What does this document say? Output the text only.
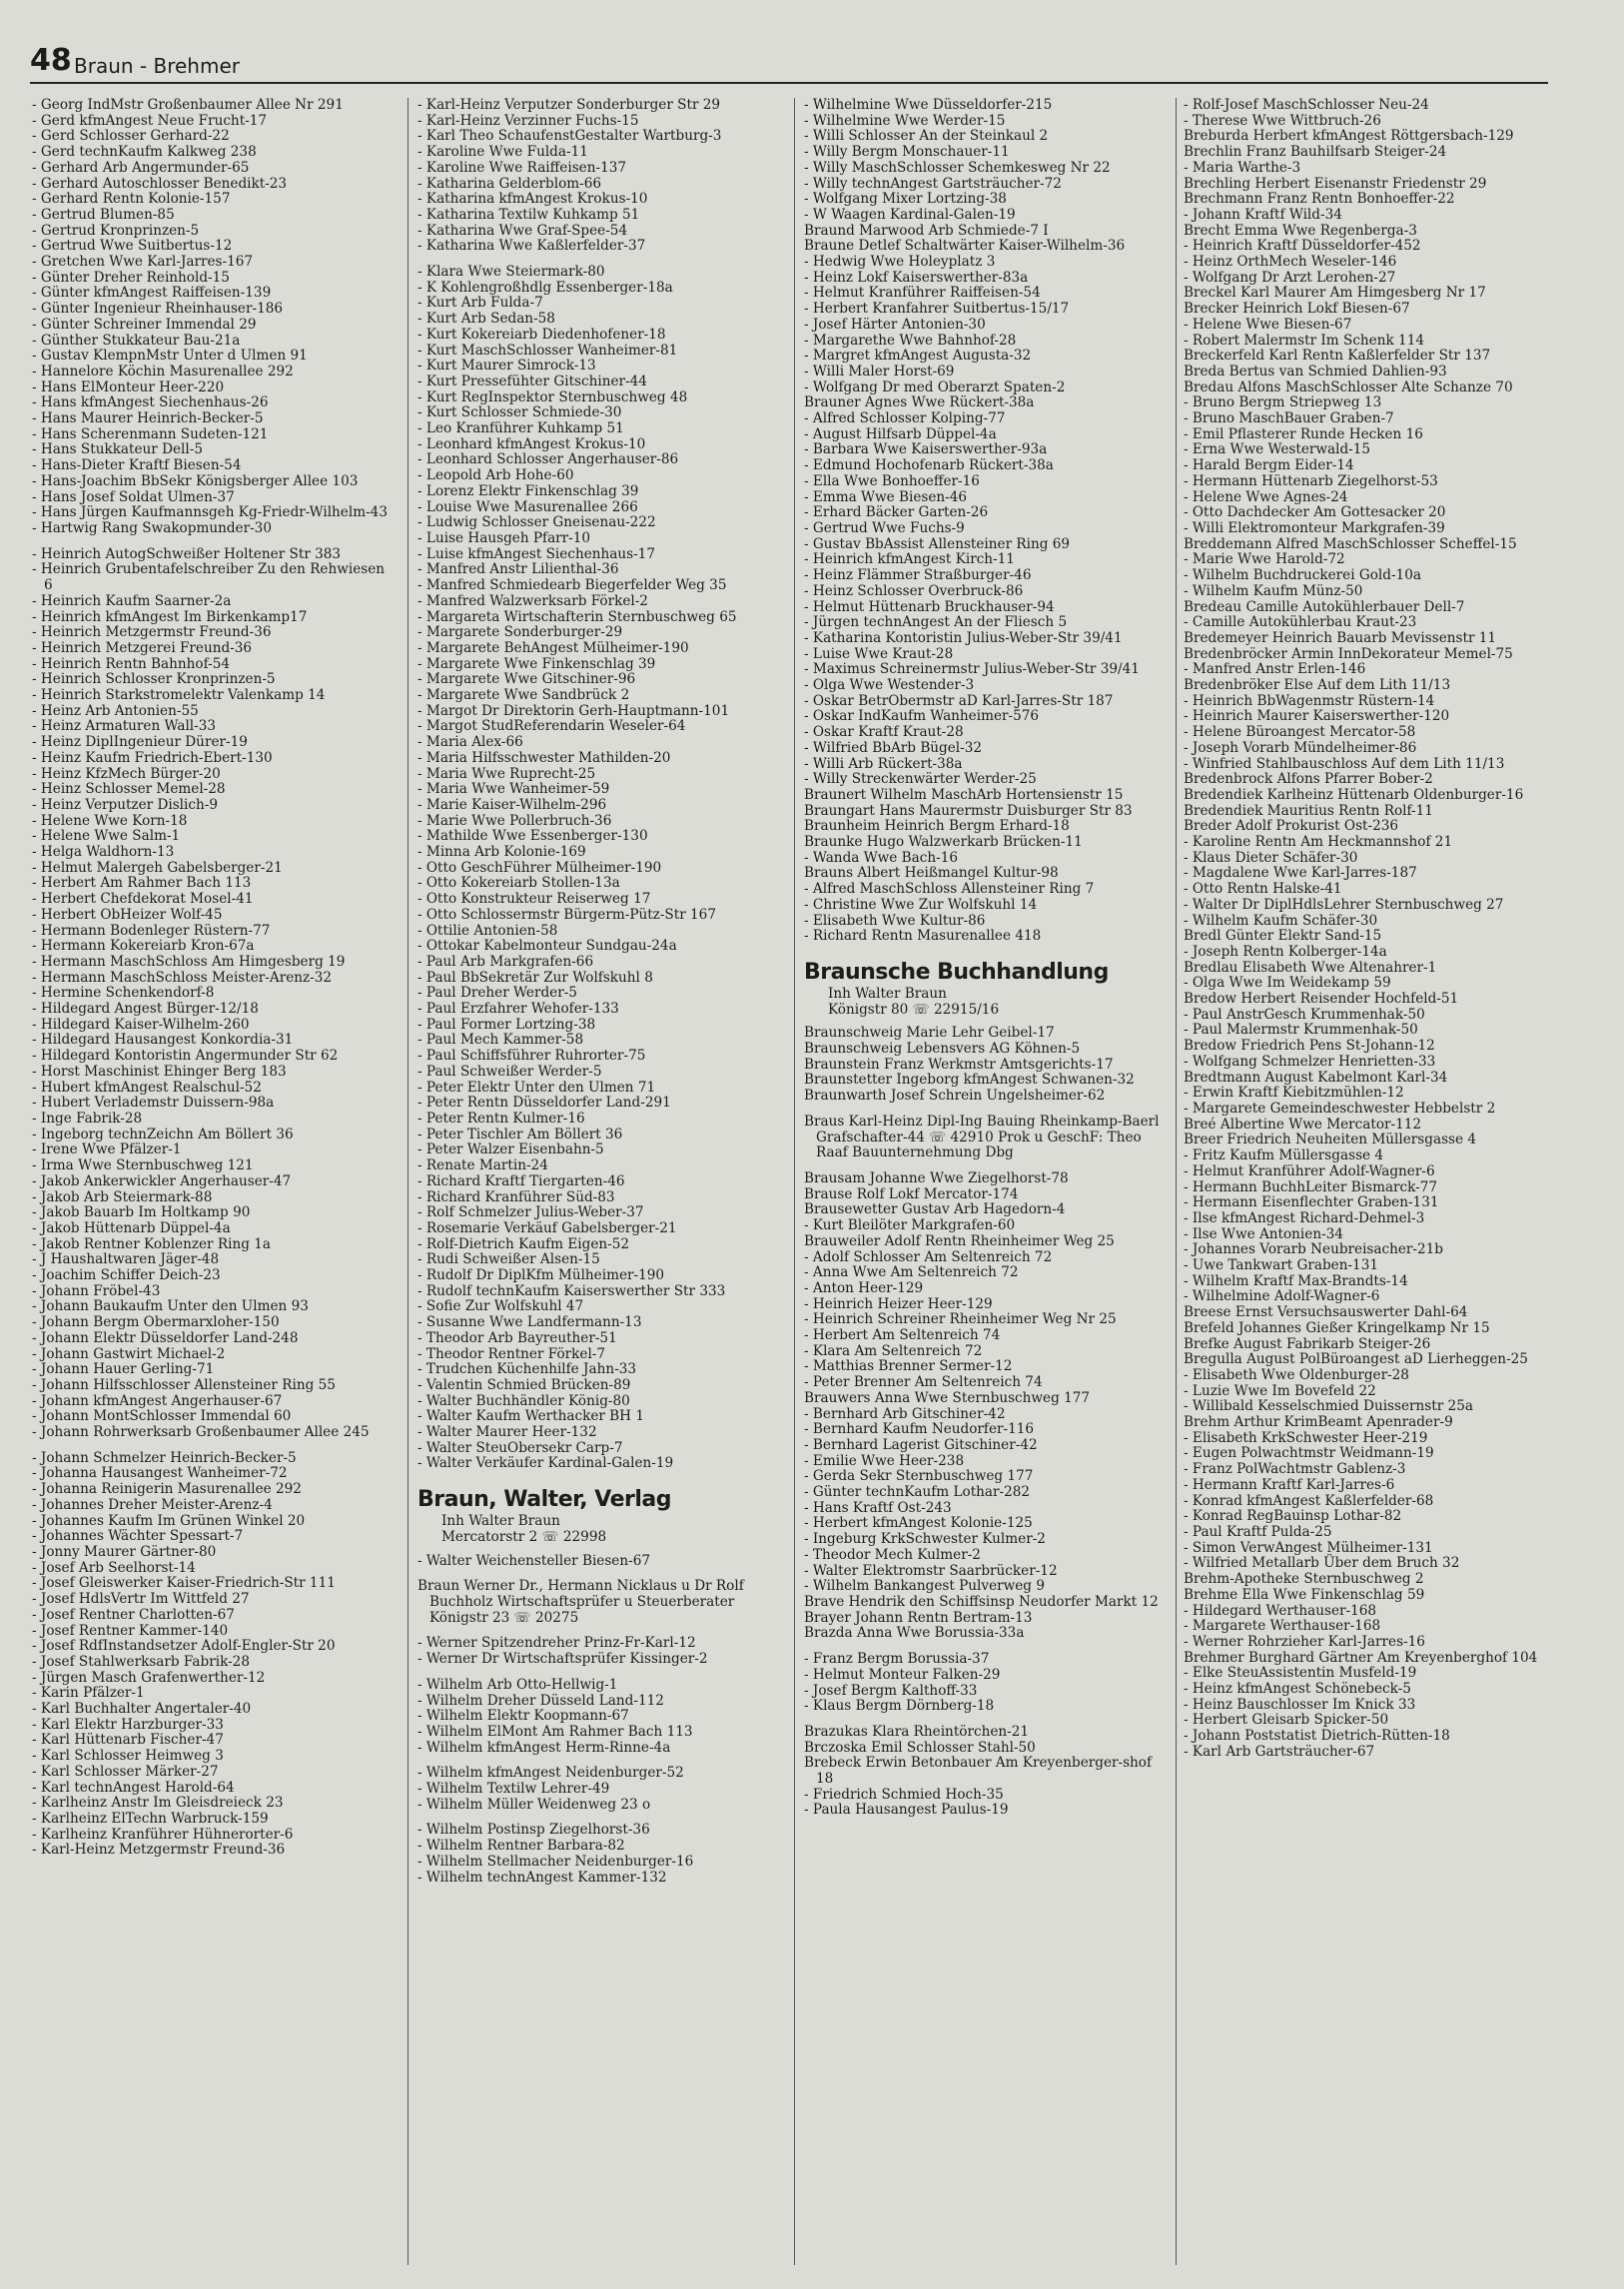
48 Braun - Brehmer
- Georg IndMstr Großenbaumer Allee Nr 291
- Gerd kfmAngest Neue Frucht-17
- Gerd Schlosser Gerhard-22
- Gerd technKaufm Kalkweg 238
- Gerhard Arb Angermunder-65
- Gerhard Autoschlosser Benedikt-23
- Gerhard Rentn Kolonie-157
- Gertrud Blumen-85
- Gertrud Kronprinzen-5
- Gertrud Wwe Suitbertus-12
- Gretchen Wwe Karl-Jarres-167
- Günter Dreher Reinhold-15
- Günter kfmAngest Raiffeisen-139
- Günter Ingenieur Rheinhauser-186
- Günter Schreiner Immendal 29
- Günther Stukkateur Bau-21a
- Gustav KlempnMstr Unter d Ulmen 91
- Hannelore Köchin Masurenallee 292
- Hans ElMonteur Heer-220
- Hans kfmAngest Siechenhaus-26
- Hans Maurer Heinrich-Becker-5
- Hans Scherenmann Sudeten-121
- Hans Stukkateur Dell-5
- Hans-Dieter Kraftf Biesen-54
- Hans-Joachim BbSekr Königsberger Allee 103
- Hans Josef Soldat Ulmen-37
- Hans Jürgen Kaufmannsgeh Kg-Friedr-Wilhelm-43
- Hartwig Rang Swakopmunder-30
- Heinrich AutogSchweißer Holtener Str 383
- Heinrich Grubentafelschreiber Zu den Rehwiesen 6
- Heinrich Kaufm Saarner-2a
- Heinrich kfmAngest Im Birkenkamp17
- Heinrich Metzgermstr Freund-36
- Heinrich Metzgerei Freund-36
- Heinrich Rentn Bahnhof-54
- Heinrich Schlosser Kronprinzen-5
- Heinrich Starkstromelektr Valenkamp 14
- Heinz Arb Antonien-55
- Heinz Armaturen Wall-33
- Heinz DiplIngenieur Dürer-19
- Heinz Kaufm Friedrich-Ebert-130
- Heinz KfzMech Bürger-20
- Heinz Schlosser Memel-28
- Heinz Verputzer Dislich-9
- Helene Wwe Korn-18
- Helene Wwe Salm-1
- Helga Waldhorn-13
- Helmut Malergeh Gabelsberger-21
- Herbert Am Rahmer Bach 113
- Herbert Chefdekorat Mosel-41
- Herbert ObHeizer Wolf-45
- Hermann Bodenleger Rüstern-77
- Hermann Kokereiarb Kron-67a
- Hermann MaschSchloss Am Himgesberg 19
- Hermann MaschSchloss Meister-Arenz-32
- Hermine Schenkendorf-8
- Hildegard Angest Bürger-12/18
- Hildegard Kaiser-Wilhelm-260
- Hildegard Hausangest Konkordia-31
- Hildegard Kontoristin Angermunder Str 62
- Horst Maschinist Ehinger Berg 183
- Hubert kfmAngest Realschul-52
- Hubert Verlademstr Duissern-98a
- Inge Fabrik-28
- Ingeborg technZeichn Am Böllert 36
- Irene Wwe Pfälzer-1
- Irma Wwe Sternbuschweg 121
- Jakob Ankerwickler Angerhauser-47
- Jakob Arb Steiermark-88
- Jakob Bauarb Im Holtkamp 90
- Jakob Hüttenarb Düppel-4a
- Jakob Rentner Koblenzer Ring 1a
- J Haushaltwaren Jäger-48
- Joachim Schiffer Deich-23
- Johann Fröbel-43
- Johann Baukaufm Unter den Ulmen 93
- Johann Bergm Obermarxloher-150
- Johann Elektr Düsseldorfer Land-248
- Johann Gastwirt Michael-2
- Johann Hauer Gerling-71
- Johann Hilfsschlosser Allensteiner Ring 55
- Johann kfmAngest Angerhauser-67
- Johann MontSchlosser Immendal 60
- Johann Rohrwerksarb Großenbaumer Allee 245
- Johann Schmelzer Heinrich-Becker-5
- Johanna Hausangest Wanheimer-72
- Johanna Reinigerin Masurenallee 292
- Johannes Dreher Meister-Arenz-4
- Johannes Kaufm Im Grünen Winkel 20
- Johannes Wächter Spessart-7
- Jonny Maurer Gärtner-80
- Josef Arb Seelhorst-14
- Josef Gleiswerker Kaiser-Friedrich-Str 111
- Josef HdlsVertr Im Wittfeld 27
- Josef Rentner Charlotten-67
- Josef Rentner Kammer-140
- Josef RdfInstandsetzer Adolf-Engler-Str 20
- Josef Stahlwerksarb Fabrik-28
- Jürgen Masch Grafenwerther-12
- Karin Pfälzer-1
- Karl Buchhalter Angertaler-40
- Karl Elektr Harzburger-33
- Karl Hüttenarb Fischer-47
- Karl Schlosser Heimweg 3
- Karl Schlosser Märker-27
- Karl technAngest Harold-64
- Karlheinz Anstr Im Gleisdreieck 23
- Karlheinz ElTechn Warbruck-159
- Karlheinz Kranführer Hühnerorter-6
- Karl-Heinz Metzgermstr Freund-36
- Karl-Heinz Verputzer Sonderburger Str 29
- Karl-Heinz Verzinner Fuchs-15
- Karl Theo SchaufenstGestalter Wartburg-3
- Karoline Wwe Fulda-11
- Karoline Wwe Raiffeisen-137
- Katharina Gelderblom-66
- Katharina kfmAngest Krokus-10
- Katharina Textilw Kuhkamp 51
- Katharina Wwe Graf-Spee-54
- Katharina Wwe Kaßlerfelder-37
- Klara Wwe Steiermark-80
- K Kohlengroßhdlg Essenberger-18a
- Kurt Arb Fulda-7
- Kurt Arb Sedan-58
- Kurt Kokereiarb Diedenhofener-18
- Kurt MaschSchlosser Wanheimer-81
- Kurt Maurer Simrock-13
- Kurt Pressefühter Gitschiner-44
- Kurt RegInspektor Sternbuschweg 48
- Kurt Schlosser Schmiede-30
- Leo Kranführer Kuhkamp 51
- Leonhard kfmAngest Krokus-10
- Leonhard Schlosser Angerhauser-86
- Leopold Arb Hohe-60
- Lorenz Elektr Finkenschlag 39
- Louise Wwe Masurenallee 266
- Ludwig Schlosser Gneisenau-222
- Luise Hausgeh Pfarr-10
- Luise kfmAngest Siechenhaus-17
- Manfred Anstr Lilienthal-36
- Manfred Schmiedearb Biegerfelder Weg 35
- Manfred Walzwerksarb Förkel-2
- Margareta Wirtschafterin Sternbuschweg 65
- Margarete Sonderburger-29
- Margarete BehAngest Mülheimer-190
- Margarete Wwe Finkenschlag 39
- Margarete Wwe Gitschiner-96
- Margarete Wwe Sandbrück 2
- Margot Dr Direktorin Gerh-Hauptmann-101
- Margot StudReferendarin Weseler-64
- Maria Alex-66
- Maria Hilfsschwester Mathilden-20
- Maria Wwe Ruprecht-25
- Maria Wwe Wanheimer-59
- Marie Kaiser-Wilhelm-296
- Marie Wwe Pollerbruch-36
- Mathilde Wwe Essenberger-130
- Minna Arb Kolonie-169
- Otto GeschFührer Mülheimer-190
- Otto Kokereiarb Stollen-13a
- Otto Konstrukteur Reiserweg 17
- Otto Schlossermstr Bürgerm-Pütz-Str 167
- Ottilie Antonien-58
- Ottokar Kabelmonteur Sundgau-24a
- Paul Arb Markgrafen-66
- Paul BbSekretär Zur Wolfskuhl 8
- Paul Dreher Werder-5
- Paul Erzfahrer Wehofer-133
- Paul Former Lortzing-38
- Paul Mech Kammer-58
- Paul Schiffsführer Ruhrorter-75
- Paul Schweißer Werder-5
- Peter Elektr Unter den Ulmen 71
- Peter Rentn Düsseldorfer Land-291
- Peter Rentn Kulmer-16
- Peter Tischler Am Böllert 36
- Peter Walzer Eisenbahn-5
- Renate Martin-24
- Richard Kraftf Tiergarten-46
- Richard Kranführer Süd-83
- Rolf Schmelzer Julius-Weber-37
- Rosemarie Verkäuf Gabelsberger-21
- Rolf-Dietrich Kaufm Eigen-52
- Rudi Schweißer Alsen-15
- Rudolf Dr DiplKfm Mülheimer-190
- Rudolf technKaufm Kaiserswerther Str 333
- Sofie Zur Wolfskuhl 47
- Susanne Wwe Landfermann-13
- Theodor Arb Bayreuther-51
- Theodor Rentner Förkel-7
- Trudchen Küchenhilfe Jahn-33
- Valentin Schmied Brücken-89
- Walter Buchhändler König-80
- Walter Kaufm Werthacker BH 1
- Walter Maurer Heer-132
- Walter SteuObersekr Carp-7
- Walter Verkäufer Kardinal-Galen-19
Braun, Walter, Verlag
Inh Walter Braun
Mercatorstr 2 ☏ 22998
- Walter Weichensteller Biesen-67
Braun Werner Dr., Hermann Nicklaus u Dr Rolf Buchholz Wirtschaftsprüfer u Steuerberater Königstr 23 ☏ 20275
- Werner Spitzendreher Prinz-Fr-Karl-12
- Werner Dr Wirtschaftsprüfer Kissinger-2
- Wilhelm Arb Otto-Hellwig-1
- Wilhelm Dreher Düsseld Land-112
- Wilhelm Elektr Koopmann-67
- Wilhelm ElMont Am Rahmer Bach 113
- Wilhelm kfmAngest Herm-Rinne-4a
- Wilhelm kfmAngest Neidenburger-52
- Wilhelm Textilw Lehrer-49
- Wilhelm Müller Weidenweg 23 o
- Wilhelm Postinsp Ziegelhorst-36
- Wilhelm Rentner Barbara-82
- Wilhelm Stellmacher Neidenburger-16
- Wilhelm technAngest Kammer-132
- Wilhelmine Wwe Düsseldorfer-215
- Wilhelmine Wwe Werder-15
- Willi Schlosser An der Steinkaul 2
- Willy Bergm Monschauer-11
- Willy MaschSchlosser Schemkesweg Nr 22
- Willy technAngest Gartsträucher-72
- Wolfgang Mixer Lortzing-38
- W Waagen Kardinal-Galen-19
Braund Marwood Arb Schmiede-7 I
Braune Detlef Schaltwärter Kaiser-Wilhelm-36
- Hedwig Wwe Holeyplatz 3
- Heinz Lokf Kaiserswerther-83a
- Helmut Kranführer Raiffeisen-54
- Herbert Kranfahrer Suitbertus-15/17
- Josef Härter Antonien-30
- Margarethe Wwe Bahnhof-28
- Margret kfmAngest Augusta-32
- Willi Maler Horst-69
- Wolfgang Dr med Oberarzt Spaten-2
Brauner Agnes Wwe Rückert-38a
- Alfred Schlosser Kolping-77
- August Hilfsarb Düppel-4a
- Barbara Wwe Kaiserswerther-93a
- Edmund Hochofenarb Rückert-38a
- Ella Wwe Bonhoeffer-16
- Emma Wwe Biesen-46
- Erhard Bäcker Garten-26
- Gertrud Wwe Fuchs-9
- Gustav BbAssist Allensteiner Ring 69
- Heinrich kfmAngest Kirch-11
- Heinz Flämmer Straßburger-46
- Heinz Schlosser Overbruck-86
- Helmut Hüttenarb Bruckhauser-94
- Jürgen technAngest An der Fliesch 5
- Katharina Kontoristin Julius-Weber-Str 39/41
- Luise Wwe Kraut-28
- Maximus Schreinermstr Julius-Weber-Str 39/41
- Olga Wwe Westender-3
- Oskar BetrObermstr aD Karl-Jarres-Str 187
- Oskar IndKaufm Wanheimer-576
- Oskar Kraftf Kraut-28
- Wilfried BbArb Bügel-32
- Willi Arb Rückert-38a
- Willy Streckenwärter Werder-25
Braunert Wilhelm MaschArb Hortensienstr 15
Braungart Hans Maurermstr Duisburger Str 83
Braunheim Heinrich Bergm Erhard-18
Braunke Hugo Walzwerkarb Brücken-11
- Wanda Wwe Bach-16
Brauns Albert Heißmangel Kultur-98
- Alfred MaschSchloss Allensteiner Ring 7
- Christine Wwe Zur Wolfskuhl 14
- Elisabeth Wwe Kultur-86
- Richard Rentn Masurenallee 418
Braunsche Buchhandlung
Inh Walter Braun
Königstr 80 ☏ 22915/16
Braunschweig Marie Lehr Geibel-17
Braunschweig Lebensvers AG Köhnen-5
Braunstein Franz Werkmstr Amtsgerichts-17
Braunstetter Ingeborg kfmAngest Schwanen-32
Braunwarth Josef Schrein Ungelsheimer-62
Braus Karl-Heinz Dipl-Ing Bauing Rheinkamp-Baerl Grafschafter-44 ☏ 42910 Prok u GeschF: Theo Raaf Bauunternehmung Dbg
Brausam Johanne Wwe Ziegelhorst-78
Brause Rolf Lokf Mercator-174
Brausewetter Gustav Arb Hagedorn-4
- Kurt Bleilöter Markgrafen-60
Brauweiler Adolf Rentn Rheinheimer Weg 25
- Adolf Schlosser Am Seltenreich 72
- Anna Wwe Am Seltenreich 72
- Anton Heer-129
- Heinrich Heizer Heer-129
- Heinrich Schreiner Rheinheimer Weg Nr 25
- Herbert Am Seltenreich 74
- Klara Am Seltenreich 72
- Matthias Brenner Sermer-12
- Peter Brenner Am Seltenreich 74
Brauwers Anna Wwe Sternbuschweg 177
- Bernhard Arb Gitschiner-42
- Bernhard Kaufm Neudorfer-116
- Bernhard Lagerist Gitschiner-42
- Emilie Wwe Heer-238
- Gerda Sekr Sternbuschweg 177
- Günter technKaufm Lothar-282
- Hans Kraftf Ost-243
- Herbert kfmAngest Kolonie-125
- Ingeburg KrkSchwester Kulmer-2
- Theodor Mech Kulmer-2
- Walter Elektromstr Saarbrücker-12
- Wilhelm Bankangest Pulverweg 9
Brave Hendrik den Schiffsinsp Neudorfer Markt 12
Brayer Johann Rentn Bertram-13
Brazda Anna Wwe Borussia-33a
- Franz Bergm Borussia-37
- Helmut Monteur Falken-29
- Josef Bergm Kalthoff-33
- Klaus Bergm Dörnberg-18
Brazukas Klara Rheintörchen-21
Brczoska Emil Schlosser Stahl-50
Brebeck Erwin Betonbauer Am Kreyenberger-shof 18
- Friedrich Schmied Hoch-35
- Paula Hausangest Paulus-19
- Rolf-Josef MaschSchlosser Neu-24
- Therese Wwe Wittbruch-26
Breburda Herbert kfmAngest Röttgersbach-129
Brechlin Franz Bauhilfsarb Steiger-24
- Maria Warthe-3
Brechling Herbert Eisenanstr Friedenstr 29
Brechmann Franz Rentn Bonhoeffer-22
- Johann Kraftf Wild-34
Brecht Emma Wwe Regenberga-3
- Heinrich Kraftf Düsseldorfer-452
- Heinz OrthMech Weseler-146
- Wolfgang Dr Arzt Lerohen-27
Breckel Karl Maurer Am Himgesberg Nr 17
Brecker Heinrich Lokf Biesen-67
- Helene Wwe Biesen-67
- Robert Malermstr Im Schenk 114
Breckerfeld Karl Rentn Kaßlerfelder Str 137
Breda Bertus van Schmied Dahlien-93
Bredau Alfons MaschSchlosser Alte Schanze 70
- Bruno Bergm Striepweg 13
- Bruno MaschBauer Graben-7
- Emil Pflasterer Runde Hecken 16
- Erna Wwe Westerwald-15
- Harald Bergm Eider-14
- Hermann Hüttenarb Ziegelhorst-53
- Helene Wwe Agnes-24
- Otto Dachdecker Am Gottesacker 20
- Willi Elektromonteur Markgrafen-39
Breddemann Alfred MaschSchlosser Scheffel-15
- Marie Wwe Harold-72
- Wilhelm Buchdruckerei Gold-10a
- Wilhelm Kaufm Münz-50
Bredeau Camille Autokühlerbauer Dell-7
- Camille Autokühlerbau Kraut-23
Bredemeyer Heinrich Bauarb Mevissenstr 11
Bredenbröcker Armin InnDekorateur Memel-75
- Manfred Anstr Erlen-146
Bredenbröker Else Auf dem Lith 11/13
- Heinrich BbWagenmstr Rüstern-14
- Heinrich Maurer Kaiserswerther-120
- Helene Büroangest Mercator-58
- Joseph Vorarb Mündelheimer-86
- Winfried Stahlbauschloss Auf dem Lith 11/13
Bredenbrock Alfons Pfarrer Bober-2
Bredendiek Karlheinz Hüttenarb Oldenburger-16
Bredendiek Mauritius Rentn Rolf-11
Breder Adolf Prokurist Ost-236
- Karoline Rentn Am Heckmannshof 21
- Klaus Dieter Schäfer-30
- Magdalene Wwe Karl-Jarres-187
- Otto Rentn Halske-41
- Walter Dr DiplHdlsLehrer Sternbuschweg 27
- Wilhelm Kaufm Schäfer-30
Bredl Günter Elektr Sand-15
- Joseph Rentn Kolberger-14a
Bredlau Elisabeth Wwe Altenahrer-1
- Olga Wwe Im Weidekamp 59
Bredow Herbert Reisender Hochfeld-51
- Paul AnstrGesch Krummenhak-50
- Paul Malermstr Krummenhak-50
Bredow Friedrich Pens St-Johann-12
- Wolfgang Schmelzer Henrietten-33
Bredtmann August Kabelmont Karl-34
- Erwin Kraftf Kiebitzmühlen-12
- Margarete Gemeindeschwester Hebbelstr 2
Breé Albertine Wwe Mercator-112
Breer Friedrich Neuheiten Müllersgasse 4
- Fritz Kaufm Müllersgasse 4
- Helmut Kranführer Adolf-Wagner-6
- Hermann BuchhLeiter Bismarck-77
- Hermann Eisenflechter Graben-131
- Ilse kfmAngest Richard-Dehmel-3
- Ilse Wwe Antonien-34
- Johannes Vorarb Neubreisacher-21b
- Uwe Tankwart Graben-131
- Wilhelm Kraftf Max-Brandts-14
- Wilhelmine Adolf-Wagner-6
Breese Ernst Versuchsauswerter Dahl-64
Brefeld Johannes Gießer Kringelkamp Nr 15
Brefke August Fabrikarb Steiger-26
Bregulla August PolBüroangest aD Lierheggen-25
- Elisabeth Wwe Oldenburger-28
- Luzie Wwe Im Bovefeld 22
- Willibald Kesselschmied Duissernstr 25a
Brehm Arthur KrimBeamt Apenrader-9
- Elisabeth KrkSchwester Heer-219
- Eugen Polwachtmstr Weidmann-19
- Franz PolWachtmstr Gablenz-3
- Hermann Kraftf Karl-Jarres-6
- Konrad kfmAngest Kaßlerfelder-68
- Konrad RegBauinsp Lothar-82
- Paul Kraftf Pulda-25
- Simon VerwAngest Mülheimer-131
- Wilfried Metallarb Über dem Bruch 32
Brehm-Apotheke Sternbuschweg 2
Brehme Ella Wwe Finkenschlag 59
- Hildegard Werthauser-168
- Margarete Werthauser-168
- Werner Rohrzieher Karl-Jarres-16
Brehmer Burghard Gärtner Am Kreyenberghof 104
- Elke SteuAssistentin Musfeld-19
- Heinz kfmAngest Schönebeck-5
- Heinz Bauschlosser Im Knick 33
- Herbert Gleisarb Spicker-50
- Johann Poststatist Dietrich-Rütten-18
- Karl Arb Gartsträucher-67
